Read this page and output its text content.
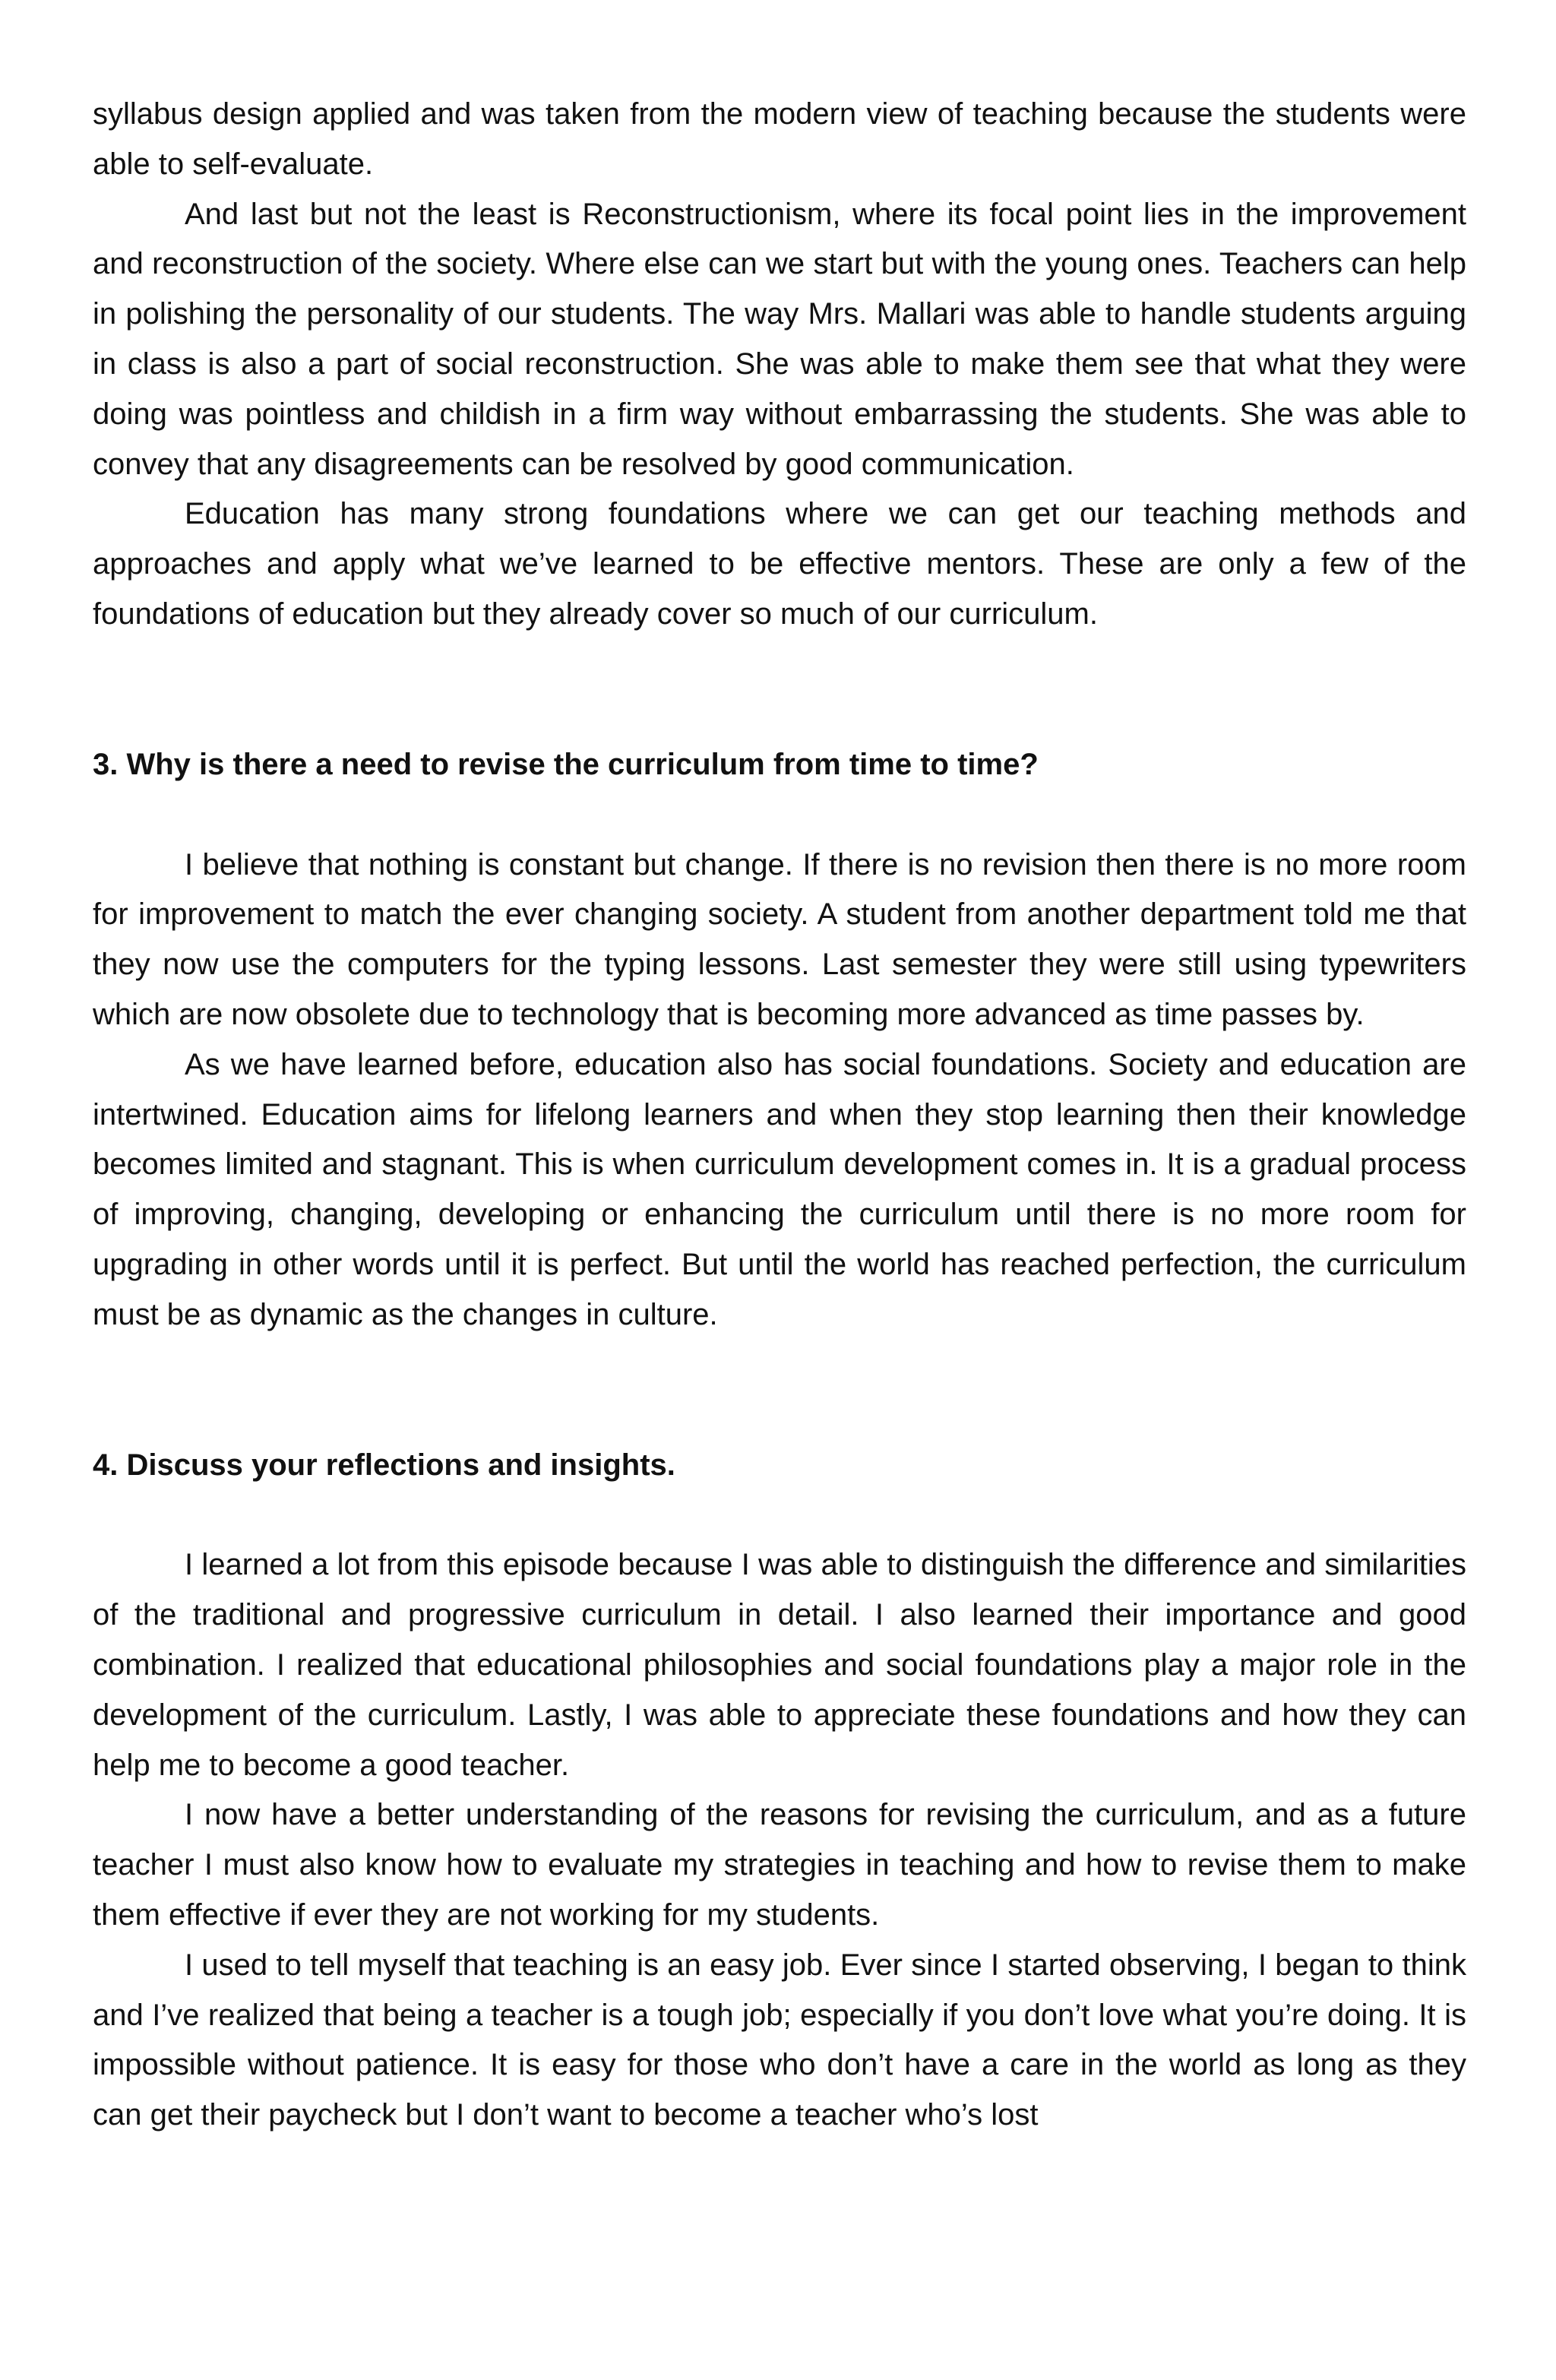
syllabus design applied and was taken from the modern view of teaching because the students were able to self-evaluate.

And last but not the least is Reconstructionism, where its focal point lies in the improvement and reconstruction of the society. Where else can we start but with the young ones. Teachers can help in polishing the personality of our students. The way Mrs. Mallari was able to handle students arguing in class is also a part of social reconstruction. She was able to make them see that what they were doing was pointless and childish in a firm way without embarrassing the students. She was able to convey that any disagreements can be resolved by good communication.

Education has many strong foundations where we can get our teaching methods and approaches and apply what we’ve learned to be effective mentors. These are only a few of the foundations of education but they already cover so much of our curriculum.

3. Why is there a need to revise the curriculum from time to time?

I believe that nothing is constant but change. If there is no revision then there is no more room for improvement to match the ever changing society. A student from another department told me that they now use the computers for the typing lessons. Last semester they were still using typewriters which are now obsolete due to technology that is becoming more advanced as time passes by.

As we have learned before, education also has social foundations. Society and education are intertwined. Education aims for lifelong learners and when they stop learning then their knowledge becomes limited and stagnant. This is when curriculum development comes in. It is a gradual process of improving, changing, developing or enhancing the curriculum until there is no more room for upgrading in other words until it is perfect. But until the world has reached perfection, the curriculum must be as dynamic as the changes in culture.

4. Discuss your reflections and insights.

I learned a lot from this episode because I was able to distinguish the difference and similarities of the traditional and progressive curriculum in detail. I also learned their importance and good combination. I realized that educational philosophies and social foundations play a major role in the development of the curriculum. Lastly, I was able to appreciate these foundations and how they can help me to become a good teacher.

I now have a better understanding of the reasons for revising the curriculum, and as a future teacher I must also know how to evaluate my strategies in teaching and how to revise them to make them effective if ever they are not working for my students.

I used to tell myself that teaching is an easy job. Ever since I started observing, I began to think and I’ve realized that being a teacher is a tough job; especially if you don’t love what you’re doing. It is impossible without patience. It is easy for those who don’t have a care in the world as long as they can get their paycheck but I don’t want to become a teacher who’s lost
